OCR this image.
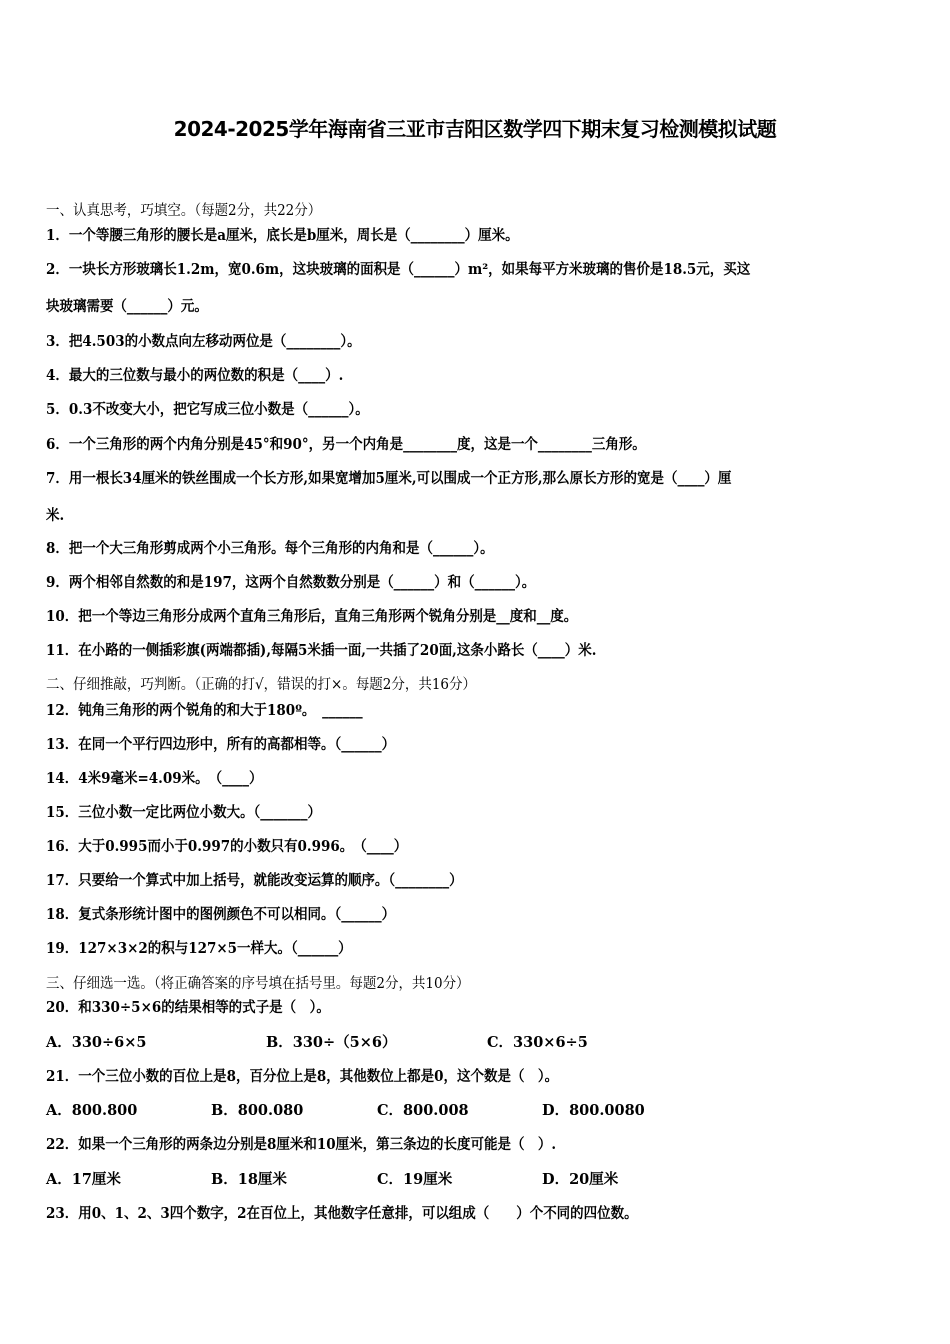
2024-2025学年海南省三亚市吉阳区数学四下期末复习检测模拟试题
一、认真思考，巧填空。（每题2分，共22分）
1．一个等腰三角形的腰长是a厘米，底长是b厘米，周长是（________）厘米。
2．一块长方形玻璃长1.2m，宽0.6m，这块玻璃的面积是（______）m²，如果每平方米玻璃的售价是18.5元，买这
块玻璃需要（______）元。
3．把4.503的小数点向左移动两位是（________）。
4．最大的三位数与最小的两位数的积是（____）.
5．0.3不改变大小，把它写成三位小数是（______）。
6．一个三角形的两个内角分别是45°和90°，另一个内角是________度，这是一个________三角形。
7．用一根长34厘米的铁丝围成一个长方形,如果宽增加5厘米,可以围成一个正方形,那么原长方形的宽是（____）厘
米.
8．把一个大三角形剪成两个小三角形。每个三角形的内角和是（______）。
9．两个相邻自然数的和是197，这两个自然数数分别是（______）和（______）。
10．把一个等边三角形分成两个直角三角形后，直角三角形两个锐角分别是__度和__度。
11．在小路的一侧插彩旗(两端都插),每隔5米插一面,一共插了20面,这条小路长（____）米.
二、仔细推敲，巧判断。（正确的打√，错误的打×。每题2分，共16分）
12．钝角三角形的两个锐角的和大于180º。　______
13．在同一个平行四边形中，所有的高都相等。（______）
14．4米9毫米=4.09米。　（____）
15．三位小数一定比两位小数大。（_______）
16．大于0.995而小于0.997的小数只有0.996。　（____）
17．只要给一个算式中加上括号，就能改变运算的顺序。（________）
18．复式条形统计图中的图例颜色不可以相同。（______）
19．127×3×2的积与127×5一样大。（______）
三、仔细选一选。（将正确答案的序号填在括号里。每题2分，共10分）
20．和330÷5×6的结果相等的式子是（　）。
A．330÷6×5	B．330÷（5×6）	C．330×6÷5
21．一个三位小数的百位上是8，百分位上是8，其他数位上都是0，这个数是（　）。
A．800.800	B．800.080	C．800.008	D．800.0080
22．如果一个三角形的两条边分别是8厘米和10厘米，第三条边的长度可能是（　）.
A．17厘米	B．18厘米	C．19厘米	D．20厘米
23．用0、1、2、3四个数字，2在百位上，其他数字任意排，可以组成（　　）个不同的四位数。
